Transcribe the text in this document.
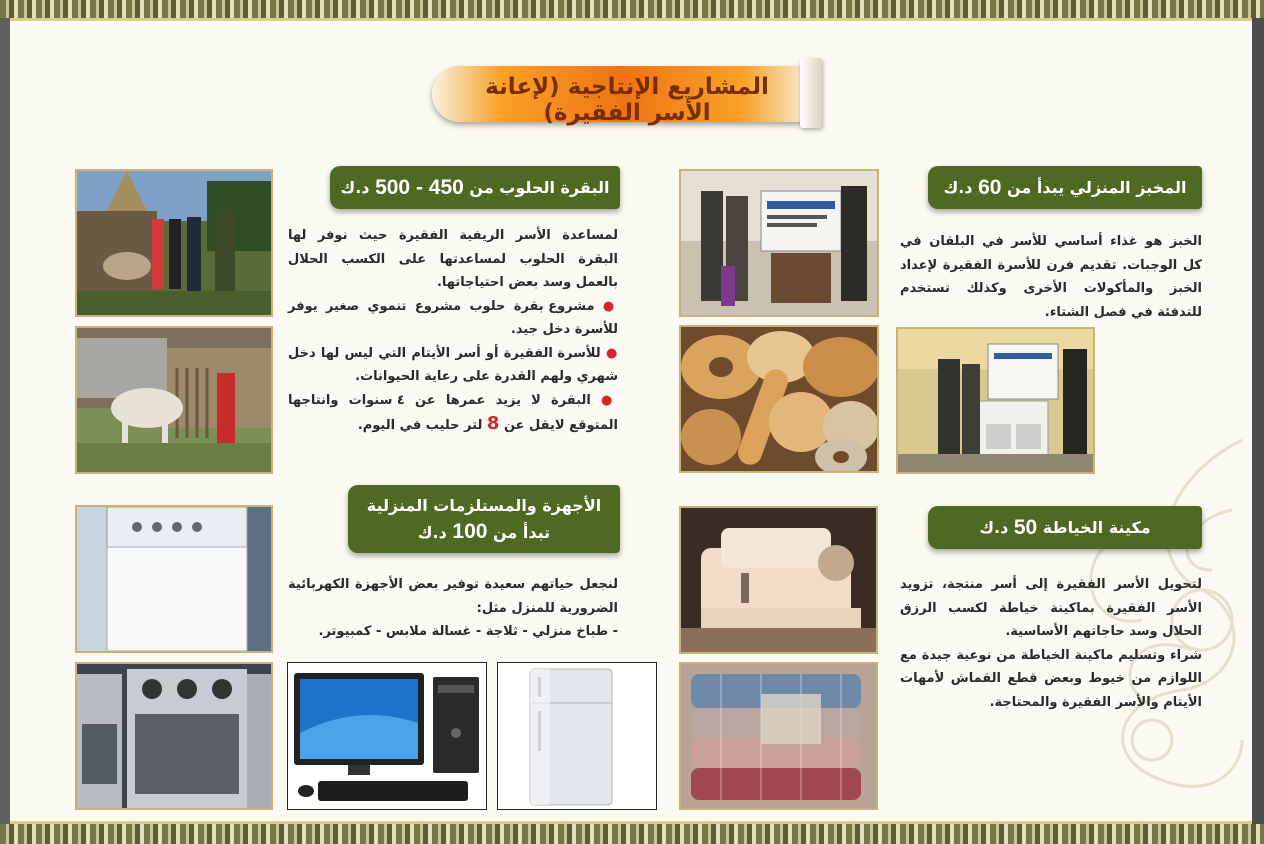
المشاريع الإنتاجية (لإعانة الأسر الفقيرة)
المخبز المنزلي يبدأ من

60

د.ك
الخبز هو غذاء أساسي للأسر في البلقان في كل الوجبات. تقديم فرن للأسرة الفقيرة لإعداد الخبز والمأكولات الأخرى وكذلك تستخدم للتدفئة في فصل الشتاء.
البقرة الحلوب من

450 - 500

د.ك

لمساعدة الأسر الريفية الفقيرة حيث نوفر لها البقرة الحلوب لمساعدتها على الكسب الحلال بالعمل وسد بعض احتياجاتها.

● مشروع بقرة حلوب مشروع تنموي صغير يوفر للأسرة دخل جيد.

● للأسرة الفقيرة أو أسر الأيتام التي ليس لها دخل شهري ولهم القدرة على رعاية الحيوانات.

● البقرة لا يزيد عمرها عن ٤ سنوات وانتاجها المتوقع لايقل عن 8 لتر حليب في اليوم.

مكينة الخياطة

50

د.ك

لتحويل الأسر الفقيرة إلى أسر منتجة، تزويد الأسر الفقيرة بماكينة خياطة لكسب الرزق الحلال وسد حاجاتهم الأساسية.

شراء وتسليم ماكينة الخياطة من نوعية جيدة مع اللوازم من خيوط وبعض قطع القماش لأمهات الأيتام والأسر الفقيرة والمحتاجة.

الأجهزة والمستلزمات المنزلية
تبدأ من 100 د.ك

لنجعل حياتهم سعيدة توفير بعض الأجهزة الكهربائية الضرورية للمنزل مثل:

- طباخ منزلي - ثلاجة - غسالة ملابس - كمبيوتر.
